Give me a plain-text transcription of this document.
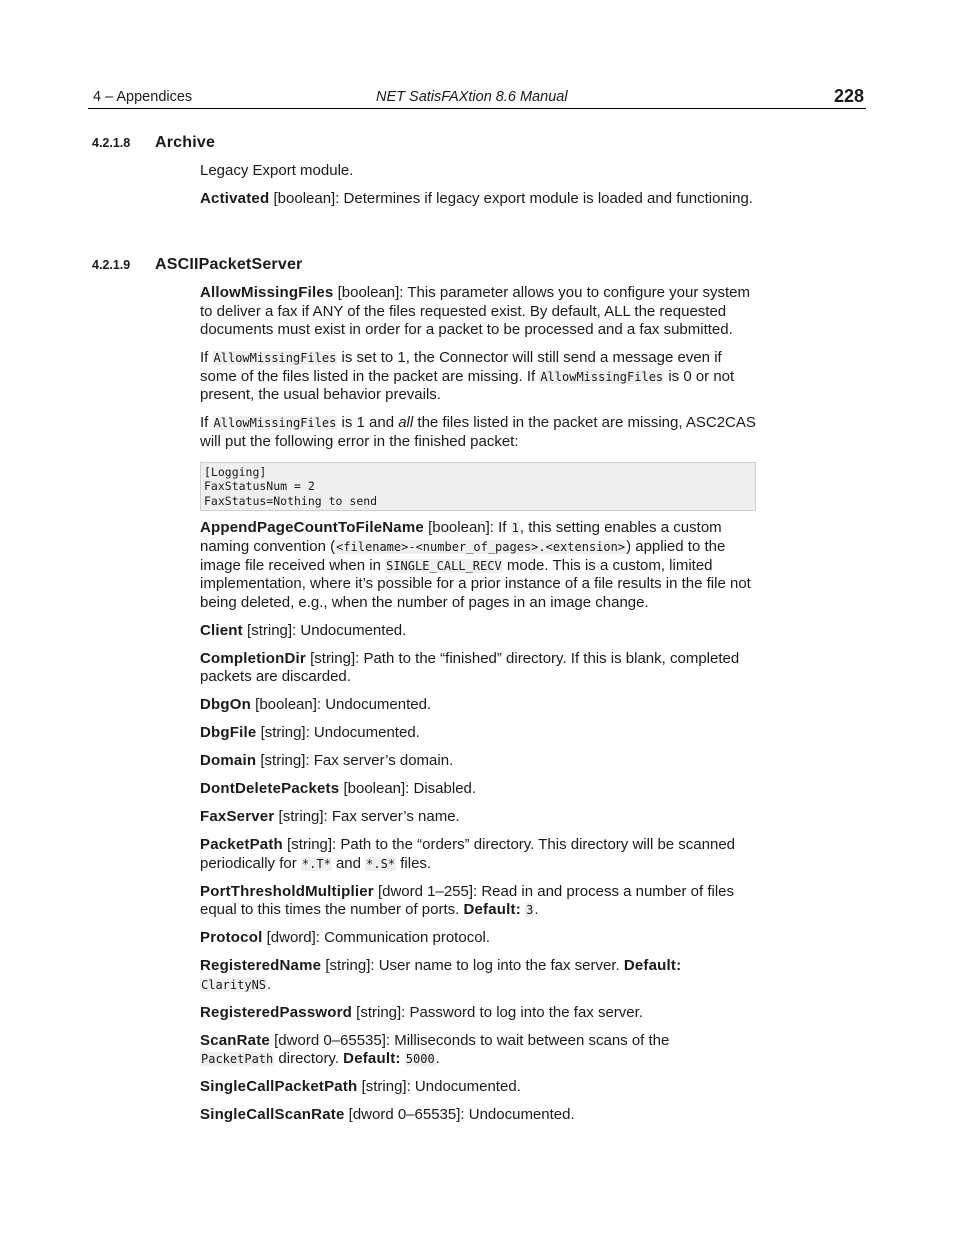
4 – Appendices	NET SatisFAXtion 8.6 Manual	228
4.2.1.8 Archive

Legacy Export module.

Activated [boolean]: Determines if legacy export module is loaded and functioning.

4.2.1.9 ASCIIPacketServer

AllowMissingFiles [boolean]: This parameter allows you to configure your system to deliver a fax if ANY of the files requested exist. By default, ALL the requested documents must exist in order for a packet to be processed and a fax submitted.

If AllowMissingFiles is set to 1, the Connector will still send a message even if some of the files listed in the packet are missing. If AllowMissingFiles is 0 or not present, the usual behavior prevails.

If AllowMissingFiles is 1 and all the files listed in the packet are missing, ASC2CAS will put the following error in the finished packet:

[Logging]
FaxStatusNum = 2
FaxStatus=Nothing to send

AppendPageCountToFileName [boolean]: If 1, this setting enables a custom naming convention (<filename>-<number_of_pages>.<extension>) applied to the image file received when in SINGLE_CALL_RECV mode. This is a custom, limited implementation, where it’s possible for a prior instance of a file results in the file not being deleted, e.g., when the number of pages in an image change.

Client [string]: Undocumented.

CompletionDir [string]: Path to the “finished” directory. If this is blank, completed packets are discarded.

DbgOn [boolean]: Undocumented.

DbgFile [string]: Undocumented.

Domain [string]: Fax server’s domain.

DontDeletePackets [boolean]: Disabled.

FaxServer [string]: Fax server’s name.

PacketPath [string]: Path to the “orders” directory. This directory will be scanned periodically for *.T* and *.S* files.

PortThresholdMultiplier [dword 1–255]: Read in and process a number of files equal to this times the number of ports. Default: 3.

Protocol [dword]: Communication protocol.

RegisteredName [string]: User name to log into the fax server. Default:
ClarityNS.

RegisteredPassword [string]: Password to log into the fax server.

ScanRate [dword 0–65535]: Milliseconds to wait between scans of the
PacketPath directory. Default: 5000.

SingleCallPacketPath [string]: Undocumented.

SingleCallScanRate [dword 0–65535]: Undocumented.
